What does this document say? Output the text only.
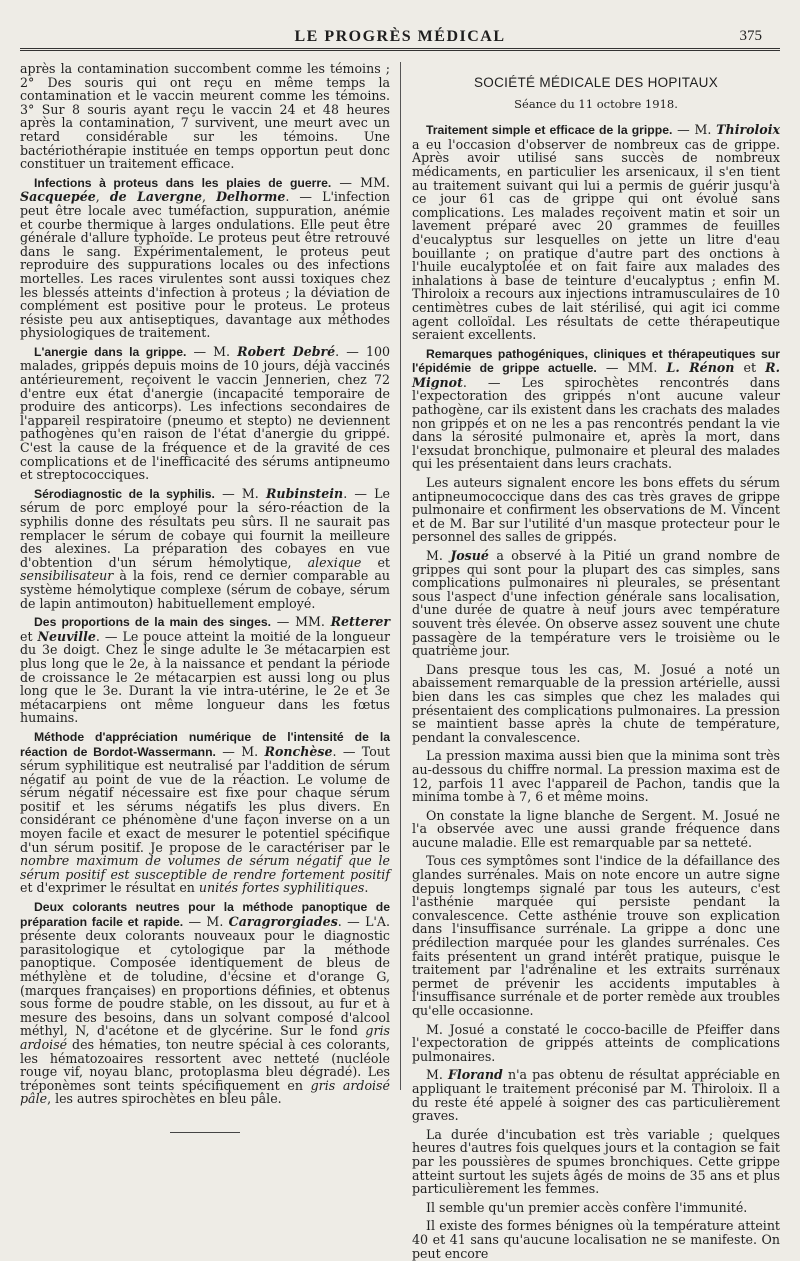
LE PROGRÈS MÉDICAL	375

après la contamination succombent comme les témoins ; 2° Des souris qui ont reçu en même temps la contamination et le vaccin meurent comme les témoins. 3° Sur 8 souris ayant reçu le vaccin 24 et 48 heures après la contamination, 7 survivent, une meurt avec un retard considérable sur les témoins. Une bactériothérapie instituée en temps opportun peut donc constituer un traitement efficace.

Infections à proteus dans les plaies de guerre. — MM. Sacquepée, de Lavergne, Delhorme. — L'infection peut être locale avec tuméfaction, suppuration, anémie et courbe thermique à larges ondulations. Elle peut être générale d'allure typhoïde. Le proteus peut être retrouvé dans le sang. Expérimentalement, le proteus peut reproduire des suppurations locales ou des infections mortelles. Les races virulentes sont aussi toxiques chez les blessés atteints d'infection à proteus ; la déviation de complément est positive pour le proteus. Le proteus résiste peu aux antiseptiques, davantage aux méthodes physiologiques de traitement.

L'anergie dans la grippe. — M. Robert Debré. — 100 malades, grippés depuis moins de 10 jours, déjà vaccinés antérieurement, reçoivent le vaccin Jennerien, chez 72 d'entre eux état d'anergie (incapacité temporaire de produire des anticorps). Les infections secondaires de l'appareil respiratoire (pneumo et stepto) ne deviennent pathogènes qu'en raison de l'état d'anergie du grippé. C'est la cause de la fréquence et de la gravité de ces complications et de l'inefficacité des sérums antipneumo et streptococciques.

Sérodiagnostic de la syphilis. — M. Rubinstein. — Le sérum de porc employé pour la séro-réaction de la syphilis donne des résultats peu sûrs. Il ne saurait pas remplacer le sérum de cobaye qui fournit la meilleure des alexines. La préparation des cobayes en vue d'obtention d'un sérum hémolytique, alexique et sensibilisateur à la fois, rend ce dernier comparable au système hémolytique complexe (sérum de cobaye, sérum de lapin antimouton) habituellement employé.

Des proportions de la main des singes. — MM. Retterer et Neuville. — Le pouce atteint la moitié de la longueur du 3e doigt. Chez le singe adulte le 3e métacarpien est plus long que le 2e, à la naissance et pendant la période de croissance le 2e métacarpien est aussi long ou plus long que le 3e. Durant la vie intra-utérine, le 2e et 3e métacarpiens ont même longueur dans les fœtus humains.

Méthode d'appréciation numérique de l'intensité de la réaction de Bordot-Wassermann. — M. Ronchèse. — Tout sérum syphilitique est neutralisé par l'addition de sérum négatif au point de vue de la réaction. Le volume de sérum négatif nécessaire est fixe pour chaque sérum positif et les sérums négatifs les plus divers. En considérant ce phénomène d'une façon inverse on a un moyen facile et exact de mesurer le potentiel spécifique d'un sérum positif. Je propose de le caractériser par le nombre maximum de volumes de sérum négatif que le sérum positif est susceptible de rendre fortement positif et d'exprimer le résultat en unités fortes syphilitiques.

Deux colorants neutres pour la méthode panoptique de préparation facile et rapide. — M. Caragrorgiades. — L'A. présente deux colorants nouveaux pour le diagnostic parasitologique et cytologique par la méthode panoptique. Composée identiquement de bleus de méthylène et de toludine, d'écsine et d'orange G, (marques françaises) en proportions définies, et obtenus sous forme de poudre stable, on les dissout, au fur et à mesure des besoins, dans un solvant composé d'alcool méthyl, N, d'acétone et de glycérine. Sur le fond gris ardoisé des hématies, ton neutre spécial à ces colorants, les hématozoaires ressortent avec netteté (nucléole rouge vif, noyau blanc, protoplasma bleu dégradé). Les tréponèmes sont teints spécifiquement en gris ardoisé pâle, les autres spirochètes en bleu pâle.

SOCIÉTÉ MÉDICALE DES HOPITAUX
Séance du 11 octobre 1918.

Traitement simple et efficace de la grippe. — M. Thiroloix a eu l'occasion d'observer de nombreux cas de grippe. Après avoir utilisé sans succès de nombreux médicaments, en particulier les arsenicaux, il s'en tient au traitement suivant qui lui a permis de guérir jusqu'à ce jour 61 cas de grippe qui ont évolué sans complications. Les malades reçoivent matin et soir un lavement préparé avec 20 grammes de feuilles d'eucalyptus sur lesquelles on jette un litre d'eau bouillante ; on pratique d'autre part des onctions à l'huile eucalyptolée et on fait faire aux malades des inhalations à base de teinture d'eucalyptus ; enfin M. Thiroloix a recours aux injections intramusculaires de 10 centimètres cubes de lait stérilisé, qui agit ici comme agent colloïdal. Les résultats de cette thérapeutique seraient excellents.

Remarques pathogéniques, cliniques et thérapeutiques sur l'épidémie de grippe actuelle. — MM. L. Rénon et R. Mignot. — Les spirochètes rencontrés dans l'expectoration des grippés n'ont aucune valeur pathogène, car ils existent dans les crachats des malades non grippés et on ne les a pas rencontrés pendant la vie dans la sérosité pulmonaire et, après la mort, dans l'exsudat bronchique, pulmonaire et pleural des malades qui les présentaient dans leurs crachats.

Les auteurs signalent encore les bons effets du sérum antipneumococcique dans des cas très graves de grippe pulmonaire et confirment les observations de M. Vincent et de M. Bar sur l'utilité d'un masque protecteur pour le personnel des salles de grippés.

M. Josué a observé à la Pitié un grand nombre de grippes qui sont pour la plupart des cas simples, sans complications pulmonaires ni pleurales, se présentant sous l'aspect d'une infection générale sans localisation, d'une durée de quatre à neuf jours avec température souvent très élevée. On observe assez souvent une chute passagère de la température vers le troisième ou le quatrième jour.

Dans presque tous les cas, M. Josué a noté un abaissement remarquable de la pression artérielle, aussi bien dans les cas simples que chez les malades qui présentaient des complications pulmonaires. La pression se maintient basse après la chute de température, pendant la convalescence.

La pression maxima aussi bien que la minima sont très au-dessous du chiffre normal. La pression maxima est de 12, parfois 11 avec l'appareil de Pachon, tandis que la minima tombe à 7, 6 et même moins.

On constate la ligne blanche de Sergent. M. Josué ne l'a observée avec une aussi grande fréquence dans aucune maladie. Elle est remarquable par sa netteté.

Tous ces symptômes sont l'indice de la défaillance des glandes surrénales. Mais on note encore un autre signe depuis longtemps signalé par tous les auteurs, c'est l'asthénie marquée qui persiste pendant la convalescence. Cette asthénie trouve son explication dans l'insuffisance surrénale. La grippe a donc une prédilection marquée pour les glandes surrénales. Ces faits présentent un grand intérêt pratique, puisque le traitement par l'adrénaline et les extraits surrénaux permet de prévenir les accidents imputables à l'insuffisance surrénale et de porter remède aux troubles qu'elle occasionne.

M. Josué a constaté le cocco-bacille de Pfeiffer dans l'expectoration de grippés atteints de complications pulmonaires.

M. Florand n'a pas obtenu de résultat appréciable en appliquant le traitement préconisé par M. Thiroloix. Il a du reste été appelé à soigner des cas particulièrement graves.

La durée d'incubation est très variable ; quelques heures d'autres fois quelques jours et la contagion se fait par les poussières de spumes bronchiques. Cette grippe atteint surtout les sujets âgés de moins de 35 ans et plus particulièrement les femmes.

Il semble qu'un premier accès confère l'immunité.

Il existe des formes bénignes où la température atteint 40 et 41 sans qu'aucune localisation ne se manifeste. On peut encore
